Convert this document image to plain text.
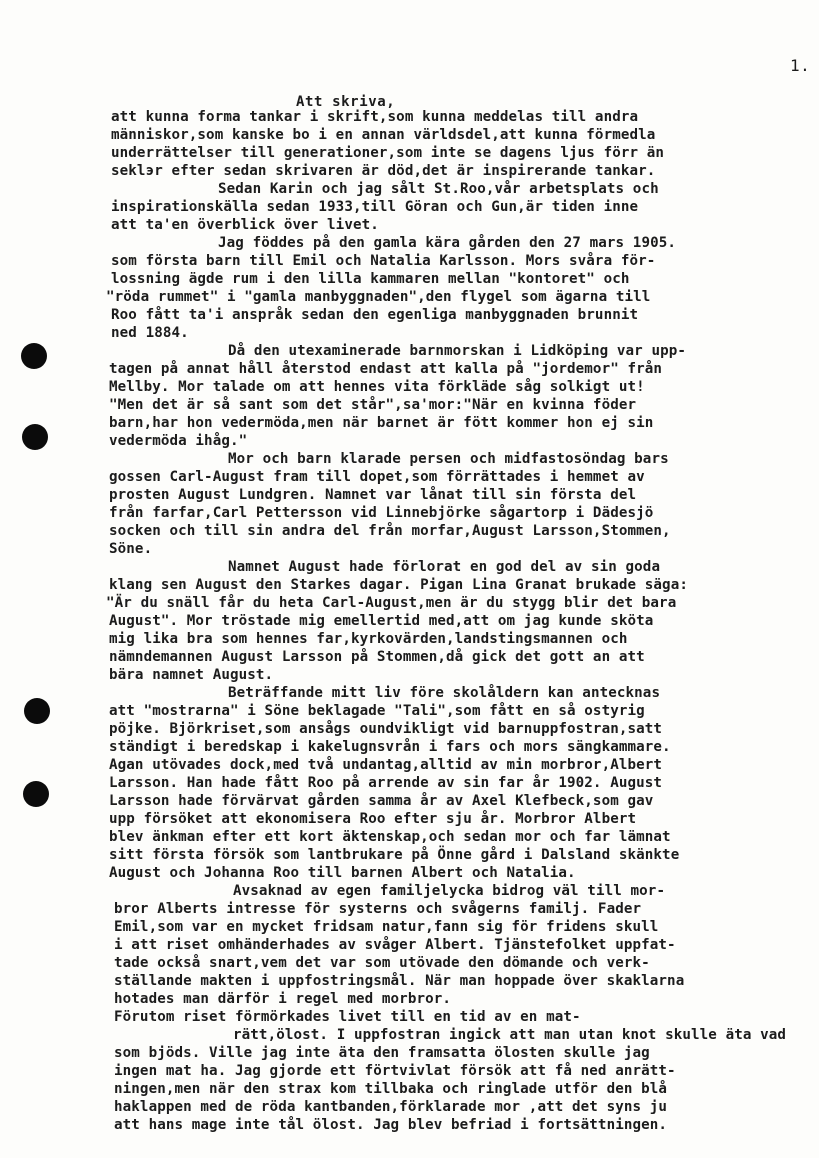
1.
Att skriva,
att kunna forma tankar i skrift,som kunna meddelas till andra
människor,som kanske bo i en annan världsdel,att kunna förmedla
underrättelser till generationer,som inte se dagens ljus förr än
seklэr efter sedan skrivaren är död,det är inspirerande tankar.
Sedan Karin och jag sålt St.Roo,vår arbetsplats och
inspirationskälla sedan 1933,till Göran och Gun,är tiden inne
att ta'en överblick över livet.
Jag föddes på den gamla kära gården den 27 mars 1905.
som första barn till Emil och Natalia Karlsson. Mors svåra för-
lossning ägde rum i den lilla kammaren mellan "kontoret" och
"röda rummet" i "gamla manbyggnaden",den flygel som ägarna till
Roo fått ta'i anspråk sedan den egenliga manbyggnaden brunnit
ned 1884.
Då den utexaminerade barnmorskan i Lidköping var upp-
tagen på annat håll återstod endast att kalla på "jordemor" från
Mellby. Mor talade om att hennes vita förkläde såg solkigt ut!
"Men det är så sant som det står",sa'mor:"När en kvinna föder
barn,har hon vedermöda,men när barnet är fött kommer hon ej sin
vedermöda ihåg."
Mor och barn klarade persen och midfastosöndag bars
gossen Carl-August fram till dopet,som förrättades i hemmet av
prosten August Lundgren. Namnet var lånat till sin första del
från farfar,Carl Pettersson vid Linnebjörke sågartorp i Dädesjö
socken och till sin andra del från morfar,August Larsson,Stommen,
Söne.
Namnet August hade förlorat en god del av sin goda
klang sen August den Starkes dagar. Pigan Lina Granat brukade säga:
"Är du snäll får du heta Carl-August,men är du stygg blir det bara
August". Mor tröstade mig emellertid med,att om jag kunde sköta
mig lika bra som hennes far,kyrkovärden,landstingsmannen och
nämndemannen August Larsson på Stommen,då gick det gott an att
bära namnet August.
Beträffande mitt liv före skolåldern kan antecknas
att "mostrarna" i Söne beklagade "Tali",som fått en så ostyrig
pöjke. Björkriset,som ansågs oundvikligt vid barnuppfostran,satt
ständigt i beredskap i kakelugnsvrån i fars och mors sängkammare.
Agan utövades dock,med två undantag,alltid av min morbror,Albert
Larsson. Han hade fått Roo på arrende av sin far år 1902. August
Larsson hade förvärvat gården samma år av Axel Klefbeck,som gav
upp försöket att ekonomisera Roo efter sju år. Morbror Albert
blev änkman efter ett kort äktenskap,och sedan mor och far lämnat
sitt första försök som lantbrukare på Önne gård i Dalsland skänkte
August och Johanna Roo till barnen Albert och Natalia.
Avsaknad av egen familjelycka bidrog väl till mor-
bror Alberts intresse för systerns och svågerns familj. Fader
Emil,som var en mycket fridsam natur,fann sig för fridens skull
i att riset omhänderhades av svåger Albert. Tjänstefolket uppfat-
tade också snart,vem det var som utövade den dömande och verk-
ställande makten i uppfostringsmål. När man hoppade över skaklarna
hotades man därför i regel med morbror.
Förutom riset förmörkades livet till en tid av en mat-
rätt,ölost. I uppfostran ingick att man utan knot skulle äta vad
som bjöds. Ville jag inte äta den framsatta ölosten skulle jag
ingen mat ha. Jag gjorde ett förtvivlat försök att få ned anrätt-
ningen,men när den strax kom tillbaka och ringlade utför den blå
haklappen med de röda kantbanden,förklarade mor ,att det syns ju
att hans mage inte tål ölost. Jag blev befriad i fortsättningen.
